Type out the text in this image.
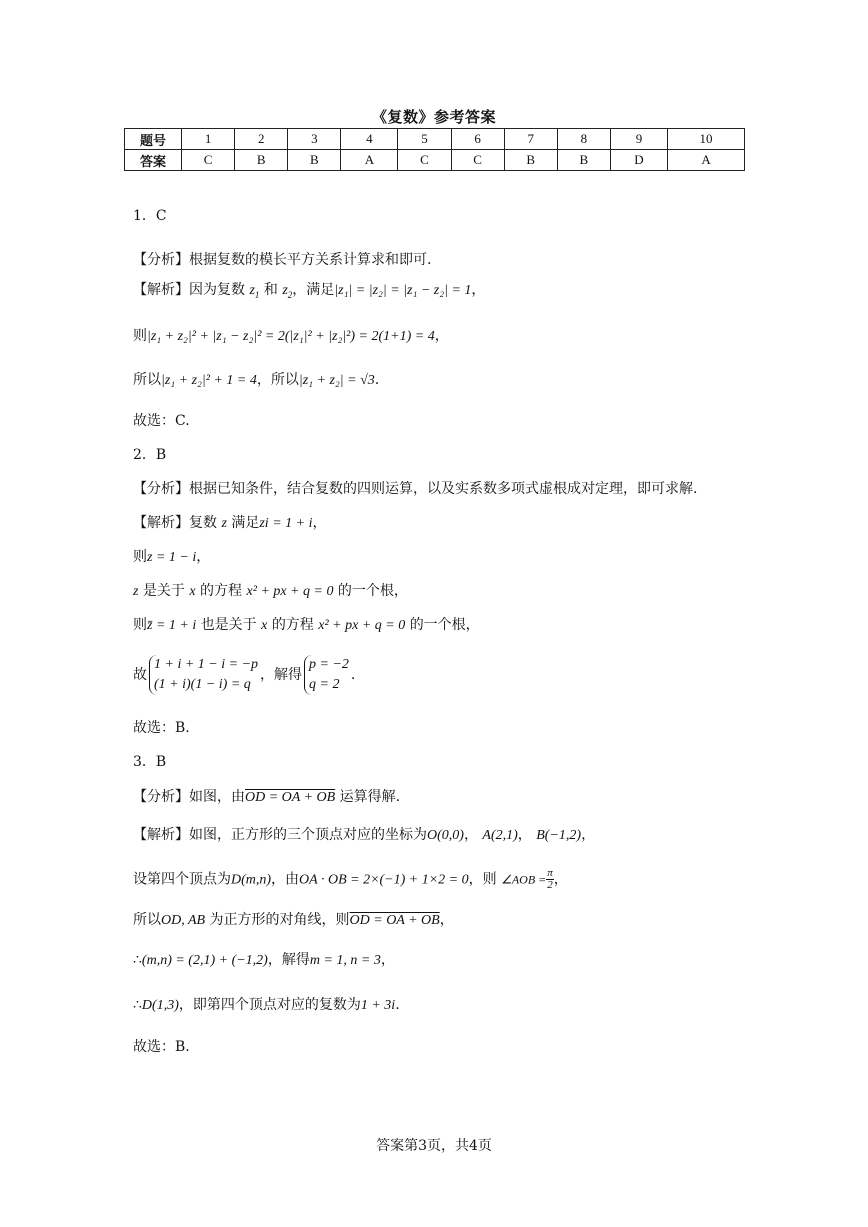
《复数》参考答案
题号	1	2	3	4	5	6	7	8	9	10
答案	C	B	B	A	C	C	B	B	D	A
1．C
【分析】根据复数的模长平方关系计算求和即可.
【解析】因为复数 $z_1$ 和 $z_2$，满足|z₁| = |z₂| = |z₁ − z₂| = 1，
则|z₁ + z₂|² + |z₁ − z₂|² = 2(|z₁|² + |z₂|²) = 2(1+1) = 4，
所以|z₁ + z₂|² + 1 = 4，所以|z₁ + z₂| = √3.
故选：C.
2．B
【分析】根据已知条件，结合复数的四则运算，以及实系数多项式虚根成对定理，即可求解.
【解析】复数 z 满足zi = 1 + i，
则z = 1 − i，
z 是关于 x 的方程 x² + px + q = 0 的一个根，
则z̄ = 1 + i 也是关于 x 的方程 x² + px + q = 0 的一个根，
故
1 + i + 1 − i = −p
(1 + i)(1 − i) = q
，解得
p = −2
q = 2
.
故选：B.
3．B
【分析】如图，由OD = OA + OB 运算得解.
【解析】如图，正方形的三个顶点对应的坐标为O(0,0)， A(2,1)， B(−1,2)，
设第四个顶点为D(m,n)，由OA · OB = 2×(−1) + 1×2 = 0，则 ∠AOB = $\frac{\pi}{2}$ ，
所以OD, AB 为正方形的对角线，则OD = OA + OB，
∴(m,n) = (2,1) + (−1,2)，解得m = 1, n = 3，
∴D(1,3)，即第四个顶点对应的复数为1 + 3i.
故选：B.
答案第3页，共4页
